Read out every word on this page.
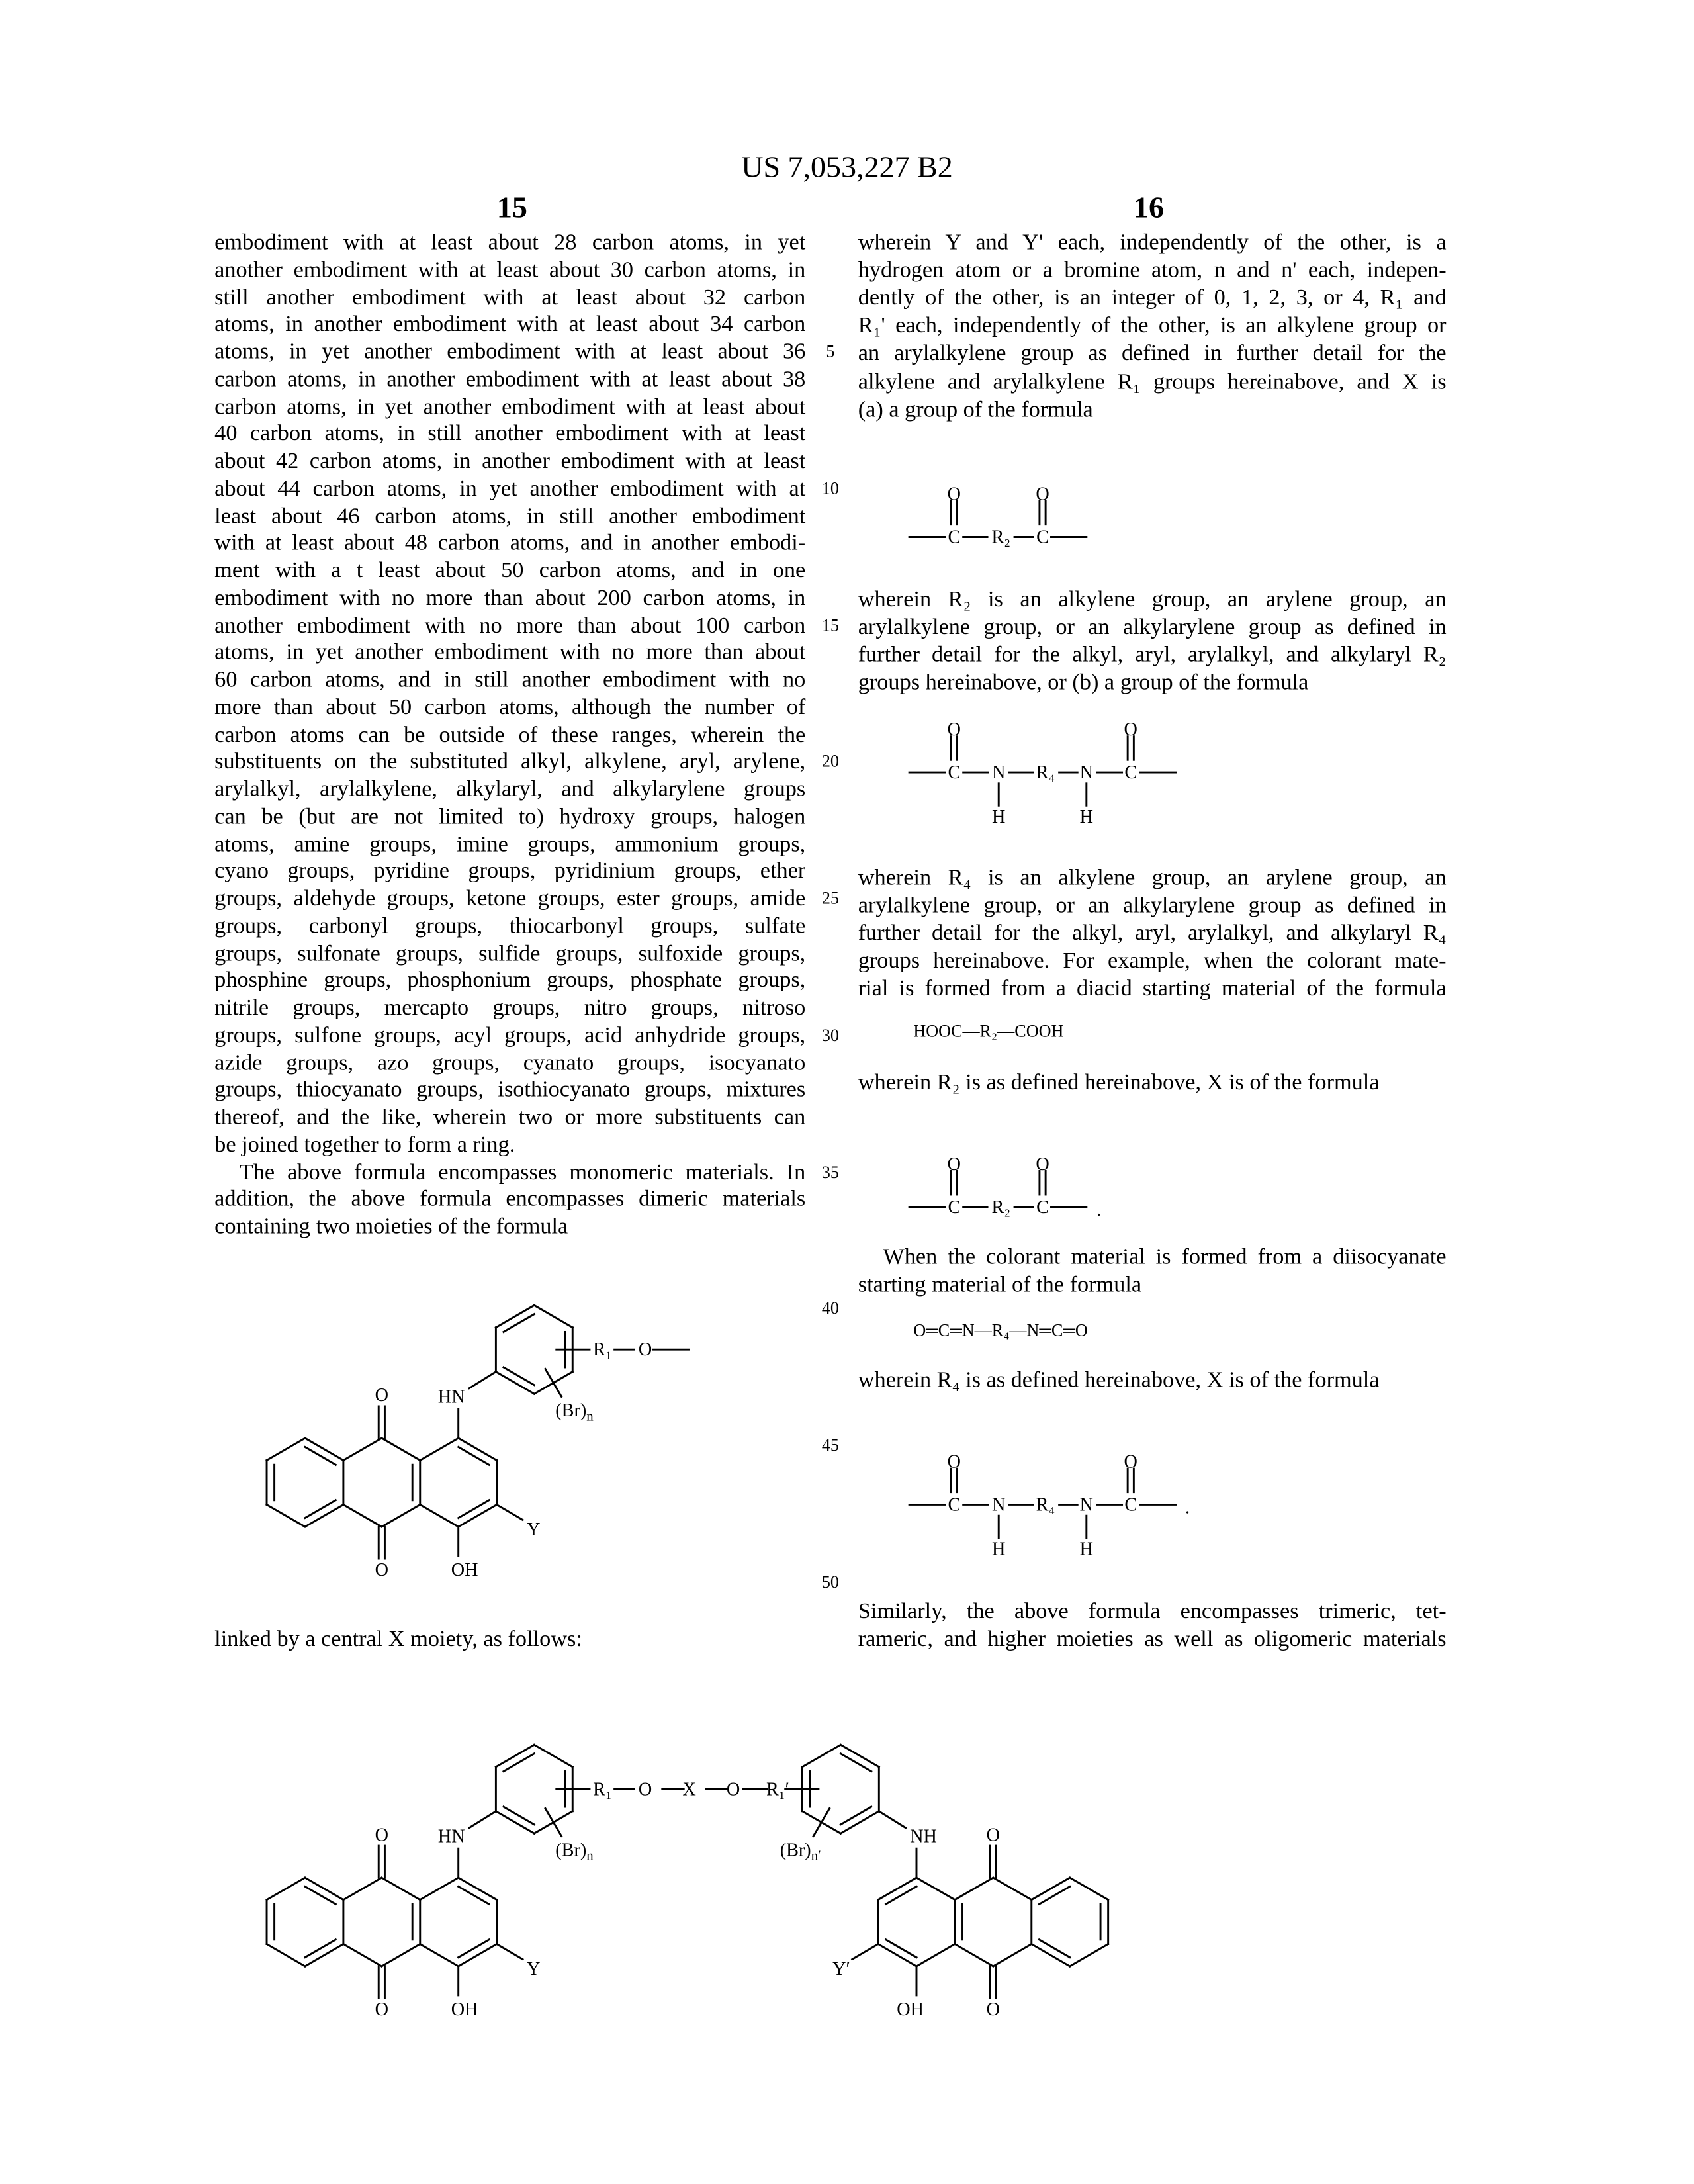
US 7,053,227 B2
15	16
embodiment with at least about 28 carbon atoms, in yet
another embodiment with at least about 30 carbon atoms, in
still another embodiment with at least about 32 carbon
atoms, in another embodiment with at least about 34 carbon
atoms, in yet another embodiment with at least about 36
carbon atoms, in another embodiment with at least about 38
carbon atoms, in yet another embodiment with at least about
40 carbon atoms, in still another embodiment with at least
about 42 carbon atoms, in another embodiment with at least
about 44 carbon atoms, in yet another embodiment with at
least about 46 carbon atoms, in still another embodiment
with at least about 48 carbon atoms, and in another embodi-
ment with a t least about 50 carbon atoms, and in one
embodiment with no more than about 200 carbon atoms, in
another embodiment with no more than about 100 carbon
atoms, in yet another embodiment with no more than about
60 carbon atoms, and in still another embodiment with no
more than about 50 carbon atoms, although the number of
carbon atoms can be outside of these ranges, wherein the
substituents on the substituted alkyl, alkylene, aryl, arylene,
arylalkyl, arylalkylene, alkylaryl, and alkylarylene groups
can be (but are not limited to) hydroxy groups, halogen
atoms, amine groups, imine groups, ammonium groups,
cyano groups, pyridine groups, pyridinium groups, ether
groups, aldehyde groups, ketone groups, ester groups, amide
groups, carbonyl groups, thiocarbonyl groups, sulfate
groups, sulfonate groups, sulfide groups, sulfoxide groups,
phosphine groups, phosphonium groups, phosphate groups,
nitrile groups, mercapto groups, nitro groups, nitroso
groups, sulfone groups, acyl groups, acid anhydride groups,
azide groups, azo groups, cyanato groups, isocyanato
groups, thiocyanato groups, isothiocyanato groups, mixtures
thereof, and the like, wherein two or more substituents can
be joined together to form a ring.
The above formula encompasses monomeric materials. In
addition, the above formula encompasses dimeric materials
containing two moieties of the formula
wherein Y and Y' each, independently of the other, is a
hydrogen atom or a bromine atom, n and n' each, indepen-
dently of the other, is an integer of 0, 1, 2, 3, or 4, R₁ and
R₁' each, independently of the other, is an alkylene group or
an arylalkylene group as defined in further detail for the
alkylene and arylalkylene R₁ groups hereinabove, and X is
(a) a group of the formula
wherein R₂ is an alkylene group, an arylene group, an
arylalkylene group, or an alkylarylene group as defined in
further detail for the alkyl, aryl, arylalkyl, and alkylaryl R₂
groups hereinabove, or (b) a group of the formula
wherein R₄ is an alkylene group, an arylene group, an
arylalkylene group, or an alkylarylene group as defined in
further detail for the alkyl, aryl, arylalkyl, and alkylaryl R₄
groups hereinabove. For example, when the colorant mate-
rial is formed from a diacid starting material of the formula
wherein R₂ is as defined hereinabove, X is of the formula
When the colorant material is formed from a diisocyanate
starting material of the formula
wherein R₄ is as defined hereinabove, X is of the formula
Similarly, the above formula encompasses trimeric, tet-
rameric, and higher moieties as well as oligomeric materials
5
10
15
20
25
30
35
40
45
50
linked by a central X moiety, as follows:
HOOC—R₂—COOH
O═C═N—R₄—N═C═O
O
O
HN
OH
Y
(Br)n
R₁	O
O
O
HN
OH
Y
(Br)n
O
O
NH
OH
Y′
(Br)n′
R₁	O	X	O	R₁′
O
C
O
C
R₂
O
C
O
C
N
H
N
H
R₄
O
C
O
C
R₂	.
O
C
O
C
N
H
N
H
R₄	.
